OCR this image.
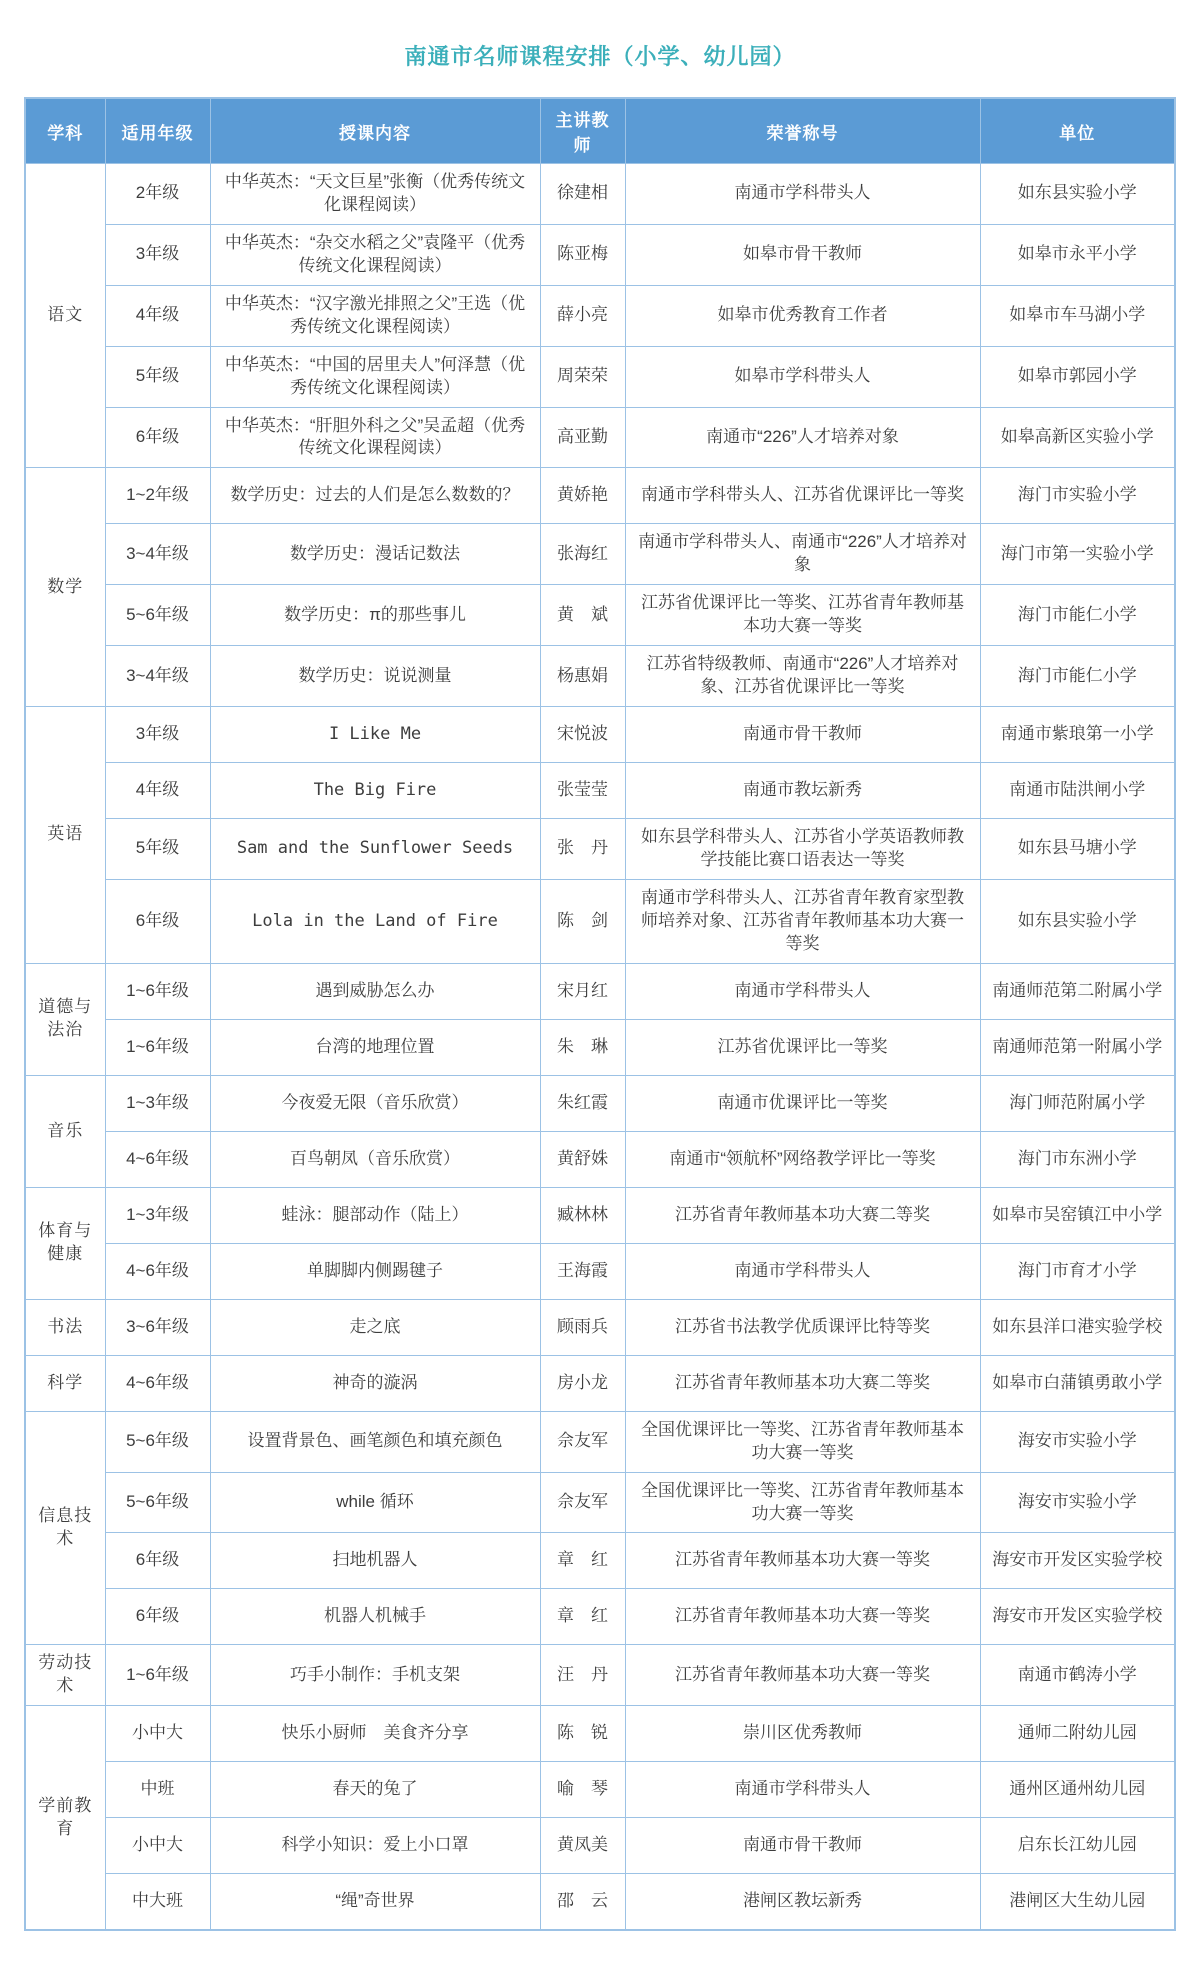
南通市名师课程安排（小学、幼儿园）
学科	适用年级	授课内容	主讲教师	荣誉称号	单位
语文	2年级	中华英杰：“天文巨星”张衡（优秀传统文化课程阅读）	徐建相	南通市学科带头人	如东县实验小学
	3年级	中华英杰：“杂交水稻之父”袁隆平（优秀传统文化课程阅读）	陈亚梅	如皋市骨干教师	如皋市永平小学
	4年级	中华英杰：“汉字激光排照之父”王选（优秀传统文化课程阅读）	薛小亮	如皋市优秀教育工作者	如皋市车马湖小学
	5年级	中华英杰：“中国的居里夫人”何泽慧（优秀传统文化课程阅读）	周荣荣	如皋市学科带头人	如皋市郭园小学
	6年级	中华英杰：“肝胆外科之父”吴孟超（优秀传统文化课程阅读）	高亚勤	南通市“226”人才培养对象	如皋高新区实验小学
数学	1~2年级	数学历史：过去的人们是怎么数数的？	黄娇艳	南通市学科带头人、江苏省优课评比一等奖	海门市实验小学
	3~4年级	数学历史：漫话记数法	张海红	南通市学科带头人、南通市“226”人才培养对象	海门市第一实验小学
	5~6年级	数学历史：π的那些事儿	黄　斌	江苏省优课评比一等奖、江苏省青年教师基本功大赛一等奖	海门市能仁小学
	3~4年级	数学历史：说说测量	杨惠娟	江苏省特级教师、南通市“226”人才培养对象、江苏省优课评比一等奖	海门市能仁小学
英语	3年级	I Like Me	宋悦波	南通市骨干教师	南通市紫琅第一小学
	4年级	The Big Fire	张莹莹	南通市教坛新秀	南通市陆洪闸小学
	5年级	Sam and the Sunflower Seeds	张　丹	如东县学科带头人、江苏省小学英语教师教学技能比赛口语表达一等奖	如东县马塘小学
	6年级	Lola in the Land of Fire	陈　剑	南通市学科带头人、江苏省青年教育家型教师培养对象、江苏省青年教师基本功大赛一等奖	如东县实验小学
道德与法治	1~6年级	遇到威胁怎么办	宋月红	南通市学科带头人	南通师范第二附属小学
	1~6年级	台湾的地理位置	朱　琳	江苏省优课评比一等奖	南通师范第一附属小学
音乐	1~3年级	今夜爱无限（音乐欣赏）	朱红霞	南通市优课评比一等奖	海门师范附属小学
	4~6年级	百鸟朝凤（音乐欣赏）	黄舒姝	南通市“领航杯”网络教学评比一等奖	海门市东洲小学
体育与健康	1~3年级	蛙泳：腿部动作（陆上）	臧林林	江苏省青年教师基本功大赛二等奖	如皋市吴窑镇江中小学
	4~6年级	单脚脚内侧踢毽子	王海霞	南通市学科带头人	海门市育才小学
书法	3~6年级	走之底	顾雨兵	江苏省书法教学优质课评比特等奖	如东县洋口港实验学校
科学	4~6年级	神奇的漩涡	房小龙	江苏省青年教师基本功大赛二等奖	如皋市白蒲镇勇敢小学
信息技术	5~6年级	设置背景色、画笔颜色和填充颜色	佘友军	全国优课评比一等奖、江苏省青年教师基本功大赛一等奖	海安市实验小学
	5~6年级	while 循环	佘友军	全国优课评比一等奖、江苏省青年教师基本功大赛一等奖	海安市实验小学
	6年级	扫地机器人	章　红	江苏省青年教师基本功大赛一等奖	海安市开发区实验学校
	6年级	机器人机械手	章　红	江苏省青年教师基本功大赛一等奖	海安市开发区实验学校
劳动技术	1~6年级	巧手小制作：手机支架	汪　丹	江苏省青年教师基本功大赛一等奖	南通市鹤涛小学
学前教育	小中大	快乐小厨师　美食齐分享	陈　锐	崇川区优秀教师	通师二附幼儿园
	中班	春天的兔了	喻　琴	南通市学科带头人	通州区通州幼儿园
	小中大	科学小知识：爱上小口罩	黄凤美	南通市骨干教师	启东长江幼儿园
	中大班	“绳”奇世界	邵　云	港闸区教坛新秀	港闸区大生幼儿园
